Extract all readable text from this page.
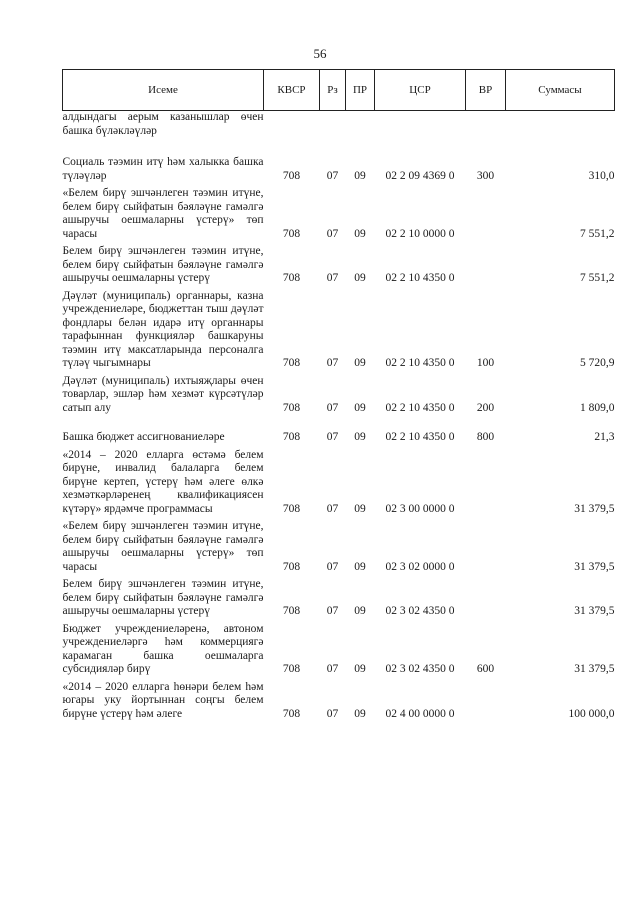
56
Исеме	КВСР	Рз	ПР	ЦСР	ВР	Суммасы
алдындагы аерым казанышлар өчен башка бүләкләүләр						
Социаль тәэмин итү һәм халыкка башка түләүләр	708	07	09	02 2 09 4369 0	300	310,0
«Белем бирү эшчәнлеген тәэмин итүне, белем бирү сыйфатын бәяләүне гамәлгә ашыручы оешмаларны үстерү» төп чарасы	708	07	09	02 2 10 0000 0		7 551,2
Белем бирү эшчәнлеген тәэмин итүне, белем бирү сыйфатын бәяләүне гамәлгә ашыручы оешмаларны үстерү	708	07	09	02 2 10 4350 0		7 551,2
Дәүләт (муниципаль) органнары, казна учреждениеләре, бюджеттан тыш дәүләт фондлары белән идарә итү органнары тарафыннан функцияләр башкаруны тәэмин итү максатларында персоналга түләү чыгымнары	708	07	09	02 2 10 4350 0	100	5 720,9
Дәүләт (муниципаль) ихтыяҗлары өчен товарлар, эшләр һәм хезмәт күрсәтүләр сатып алу	708	07	09	02 2 10 4350 0	200	1 809,0
Башка бюджет ассигнованиеләре	708	07	09	02 2 10 4350 0	800	21,3
«2014 – 2020 елларга өстәмә белем бирүне, инвалид балаларга белем бирүне кертеп, үстерү һәм әлеге өлкә хезмәткәрләренең квалификациясен күтәрү» ярдәмче программасы	708	07	09	02 3 00 0000 0		31 379,5
«Белем бирү эшчәнлеген тәэмин итүне, белем бирү сыйфатын бәяләүне гамәлгә ашыручы оешмаларны үстерү» төп чарасы	708	07	09	02 3 02 0000 0		31 379,5
Белем бирү эшчәнлеген тәэмин итүне, белем бирү сыйфатын бәяләүне гамәлгә ашыручы оешмаларны үстерү	708	07	09	02 3 02 4350 0		31 379,5
Бюджет учреждениеләренә, автоном учреждениеләргә һәм коммерциягә карамаган башка оешмаларга субсидияләр бирү	708	07	09	02 3 02 4350 0	600	31 379,5
«2014 – 2020 елларга һөнәри белем һәм югары уку йортыннан соңгы белем бирүне үстерү һәм әлеге	708	07	09	02 4 00 0000 0		100 000,0
